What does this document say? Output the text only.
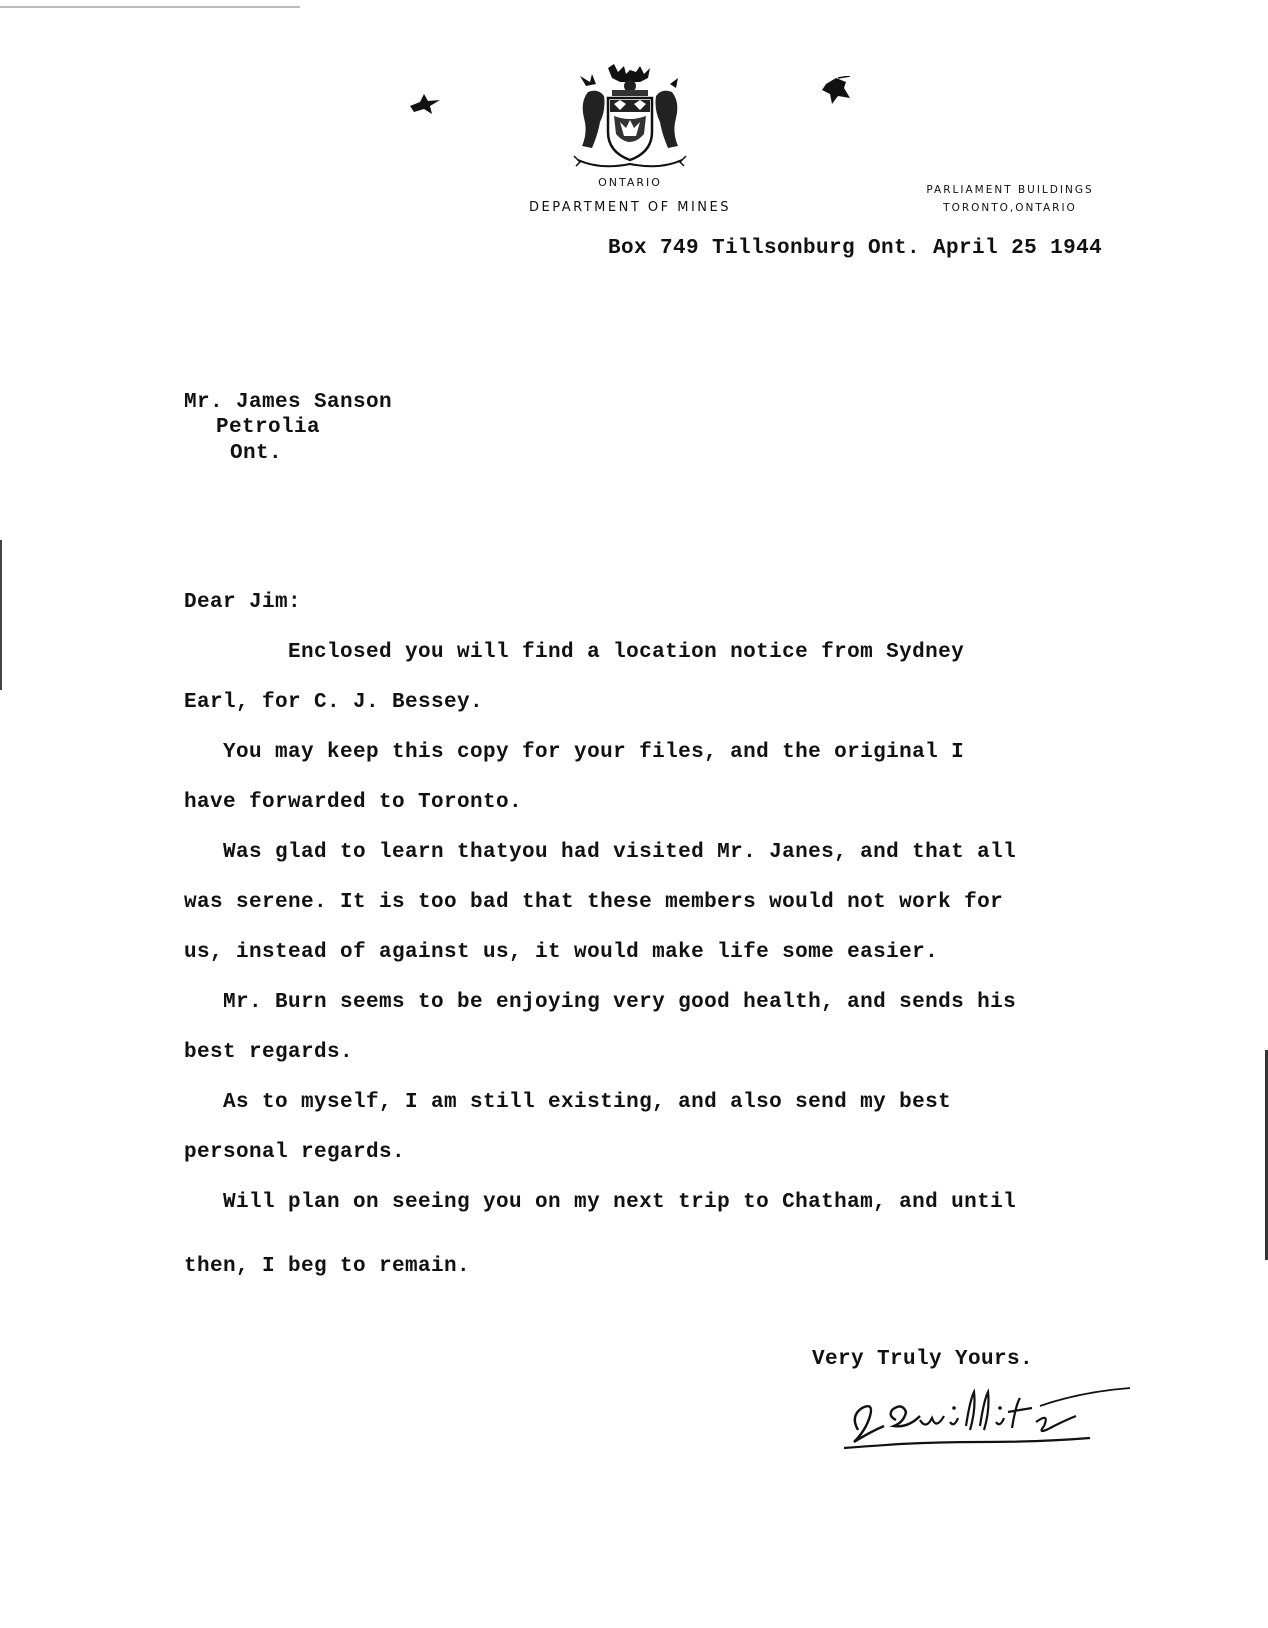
ONTARIO
DEPARTMENT OF MINES
PARLIAMENT BUILDINGS
TORONTO,ONTARIO
Box 749 Tillsonburg Ont. April 25 1944
Mr. James Sanson
Petrolia
Ont.
Dear Jim:
Enclosed you will find a location notice from Sydney
Earl, for C. J. Bessey.
You may keep this copy for your files, and the original I
have forwarded to Toronto.
Was glad to learn thatyou had visited Mr. Janes, and that all
was serene. It is too bad that these members would not work for
us, instead of against us, it would make life some easier.
Mr. Burn seems to be enjoying very good health, and sends his
best regards.
As to myself, I am still existing, and also send my best
personal regards.
Will plan on seeing you on my next trip to Chatham, and until
then, I beg to remain.
Very Truly Yours.
